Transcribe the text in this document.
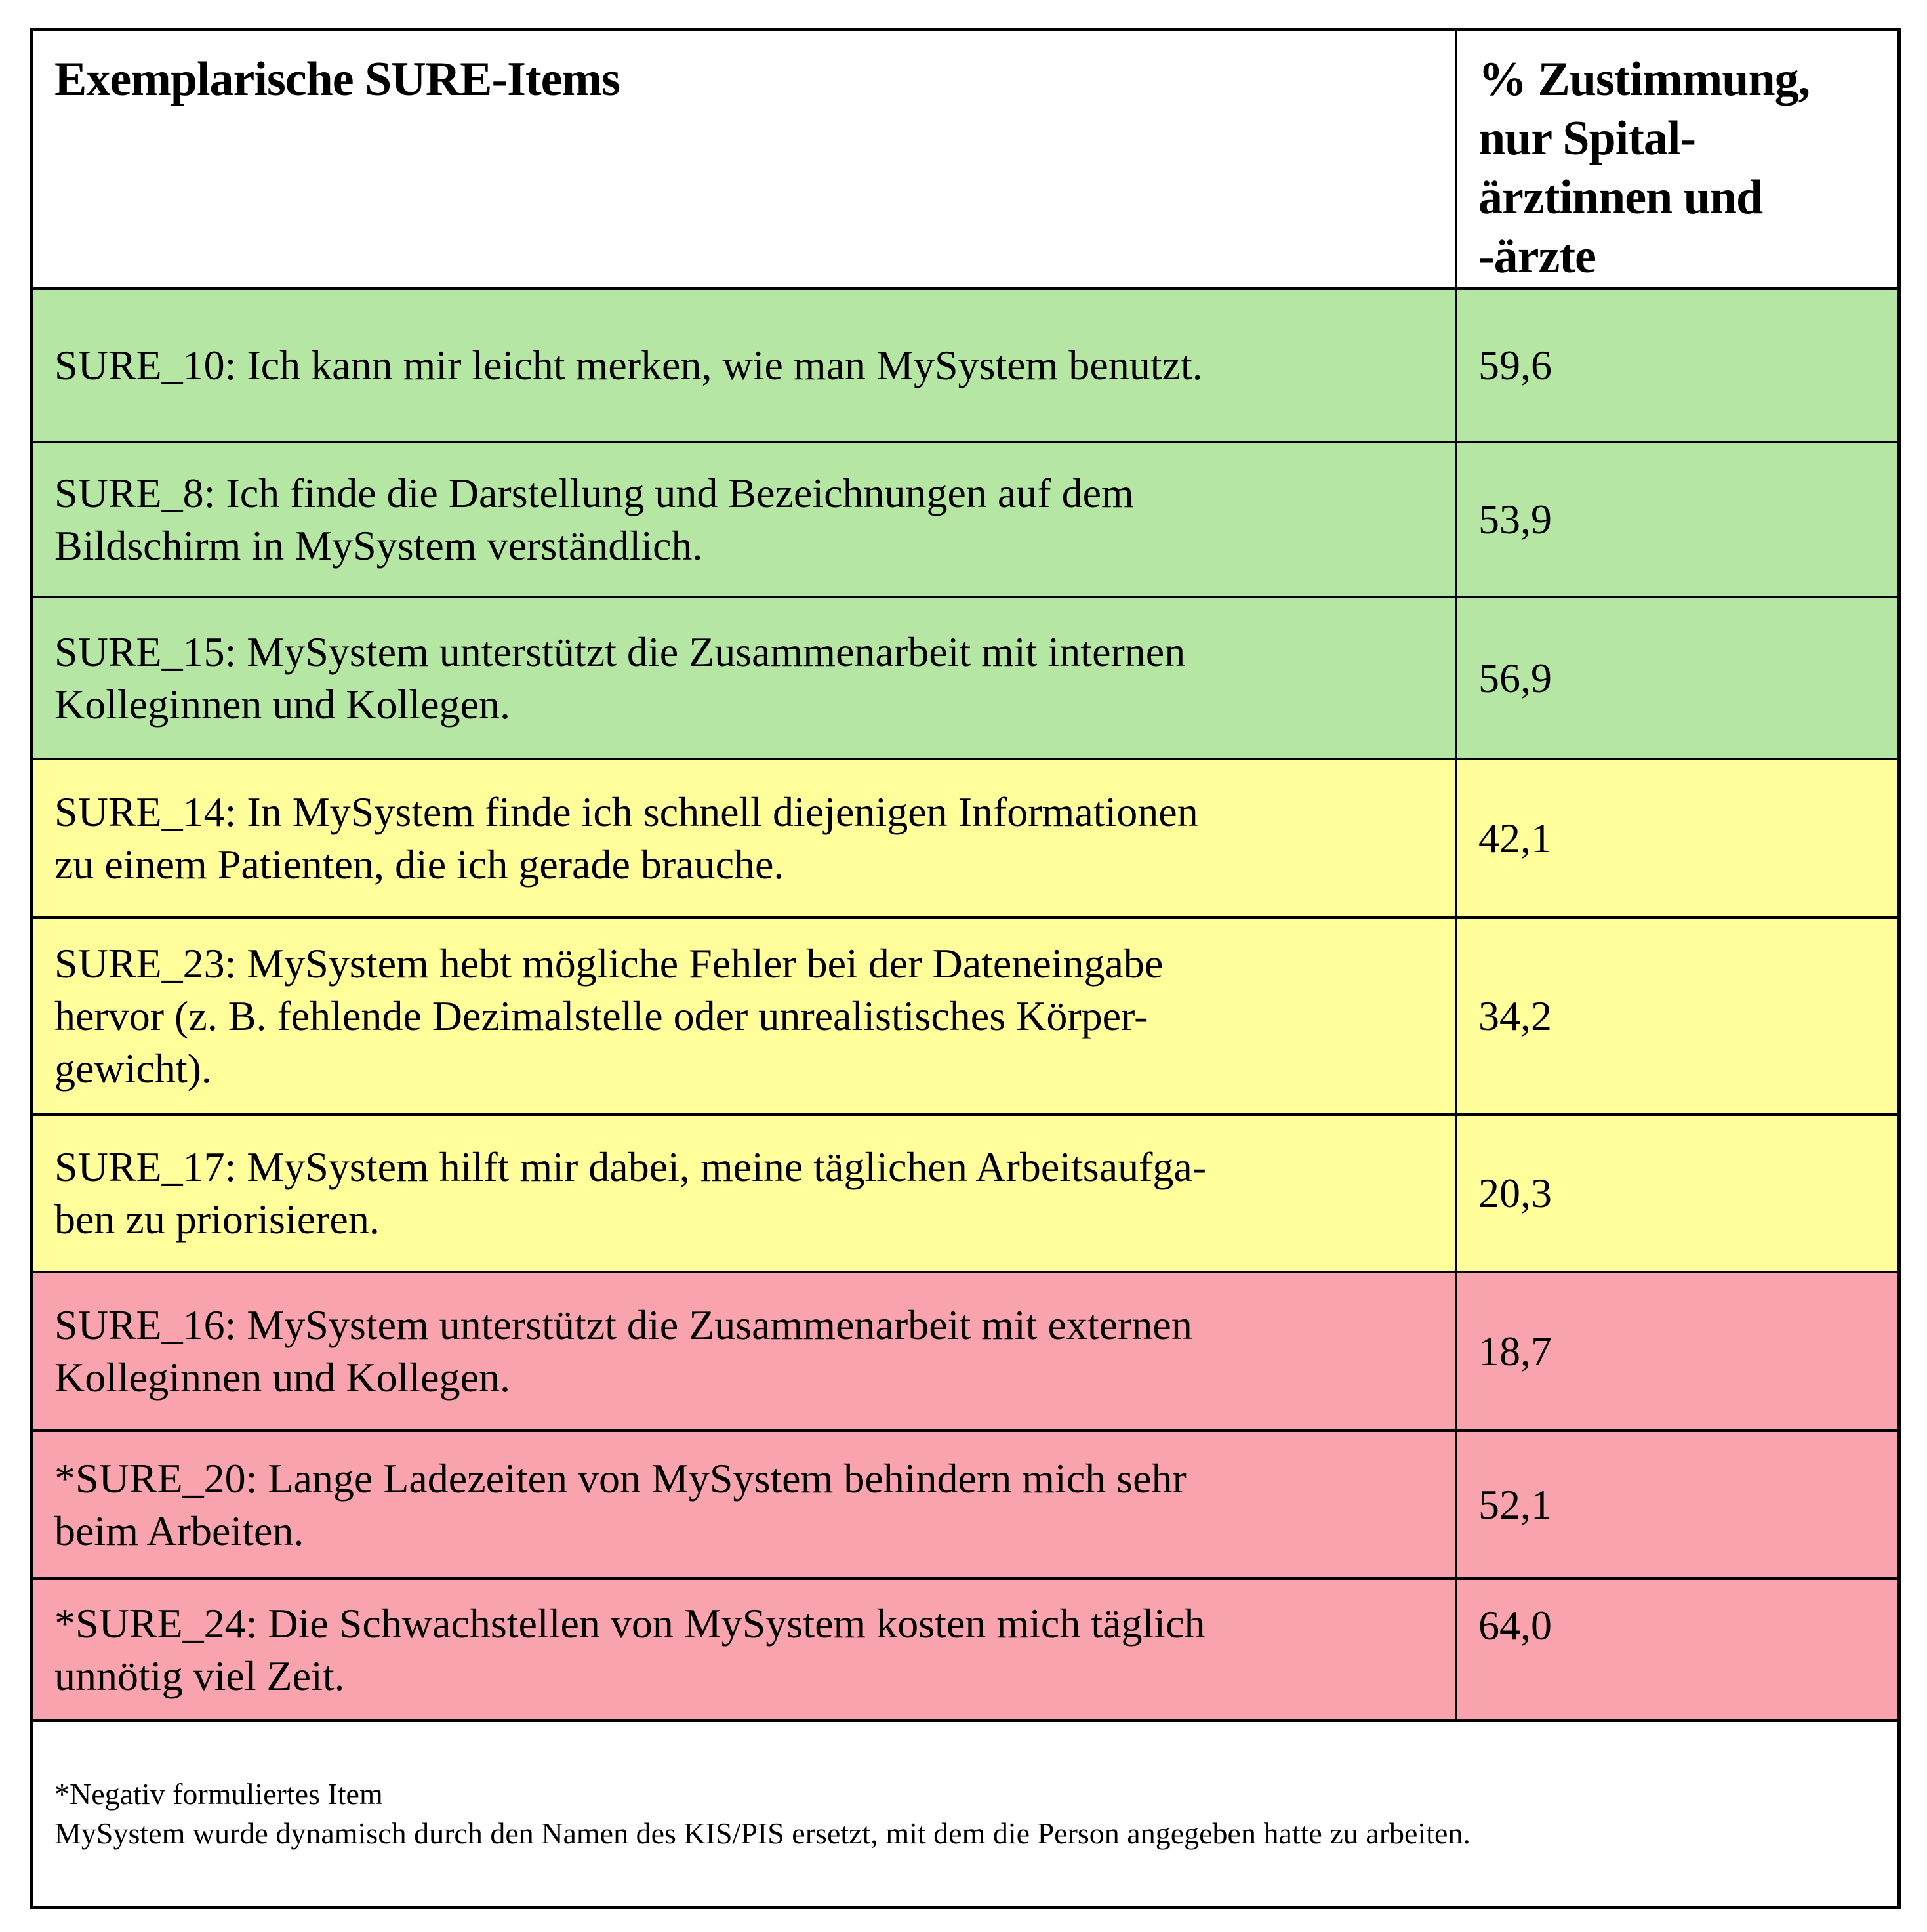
Exemplarische SURE-Items	% Zustimmung,
nur Spital-
ärztinnen und
-ärzte
SURE_10: Ich kann mir leicht merken, wie man MySystem benutzt.	59,6
SURE_8: Ich finde die Darstellung und Bezeichnungen auf dem
Bildschirm in MySystem verständlich.
53,9
SURE_15: MySystem unterstützt die Zusammenarbeit mit internen
Kolleginnen und Kollegen.
56,9
SURE_14: In MySystem finde ich schnell diejenigen Informationen
zu einem Patienten, die ich gerade brauche.
42,1
SURE_23: MySystem hebt mögliche Fehler bei der Dateneingabe
hervor (z. B. fehlende Dezimalstelle oder unrealistisches Körper-
gewicht).
34,2
SURE_17: MySystem hilft mir dabei, meine täglichen Arbeitsaufga-
ben zu priorisieren.
20,3
SURE_16: MySystem unterstützt die Zusammenarbeit mit externen
Kolleginnen und Kollegen.
18,7
*SURE_20: Lange Ladezeiten von MySystem behindern mich sehr
beim Arbeiten.
52,1
*SURE_24: Die Schwachstellen von MySystem kosten mich täglich
unnötig viel Zeit.
64,0
*Negativ formuliertes Item
MySystem wurde dynamisch durch den Namen des KIS/PIS ersetzt, mit dem die Person angegeben hatte zu arbeiten.
